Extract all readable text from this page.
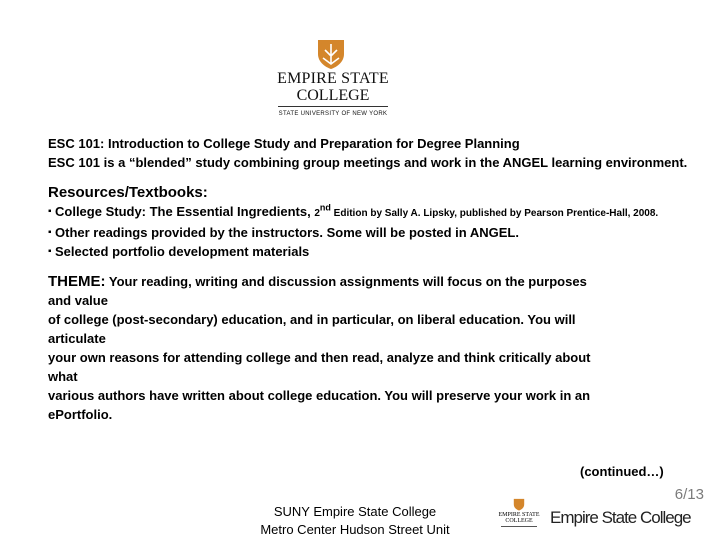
EMPIRE STATE
COLLEGE
STATE UNIVERSITY OF NEW YORK

ESC 101: Introduction to College Study and Preparation for Degree Planning

ESC 101 is a “blended” study combining group meetings and work in the ANGEL learning environment.

Resources/Textbooks:

▪ College Study: The Essential Ingredients, 2nd Edition by Sally A. Lipsky, published by Pearson Prentice-Hall, 2008.
▪ Other readings provided by the instructors. Some will be posted in ANGEL.
▪ Selected portfolio development materials

THEME: Your reading, writing and discussion assignments will focus on the purposes

and value

of college (post-secondary) education, and in particular, on liberal education. You will

articulate

your own reasons for attending college and then read, analyze and think critically about

what

various authors have written about college education. You will preserve your work in an

ePortfolio.

(continued…)
6/13
SUNY Empire State College
Metro Center Hudson Street Unit
EMPIRE STATE
COLLEGE	Empire State College
